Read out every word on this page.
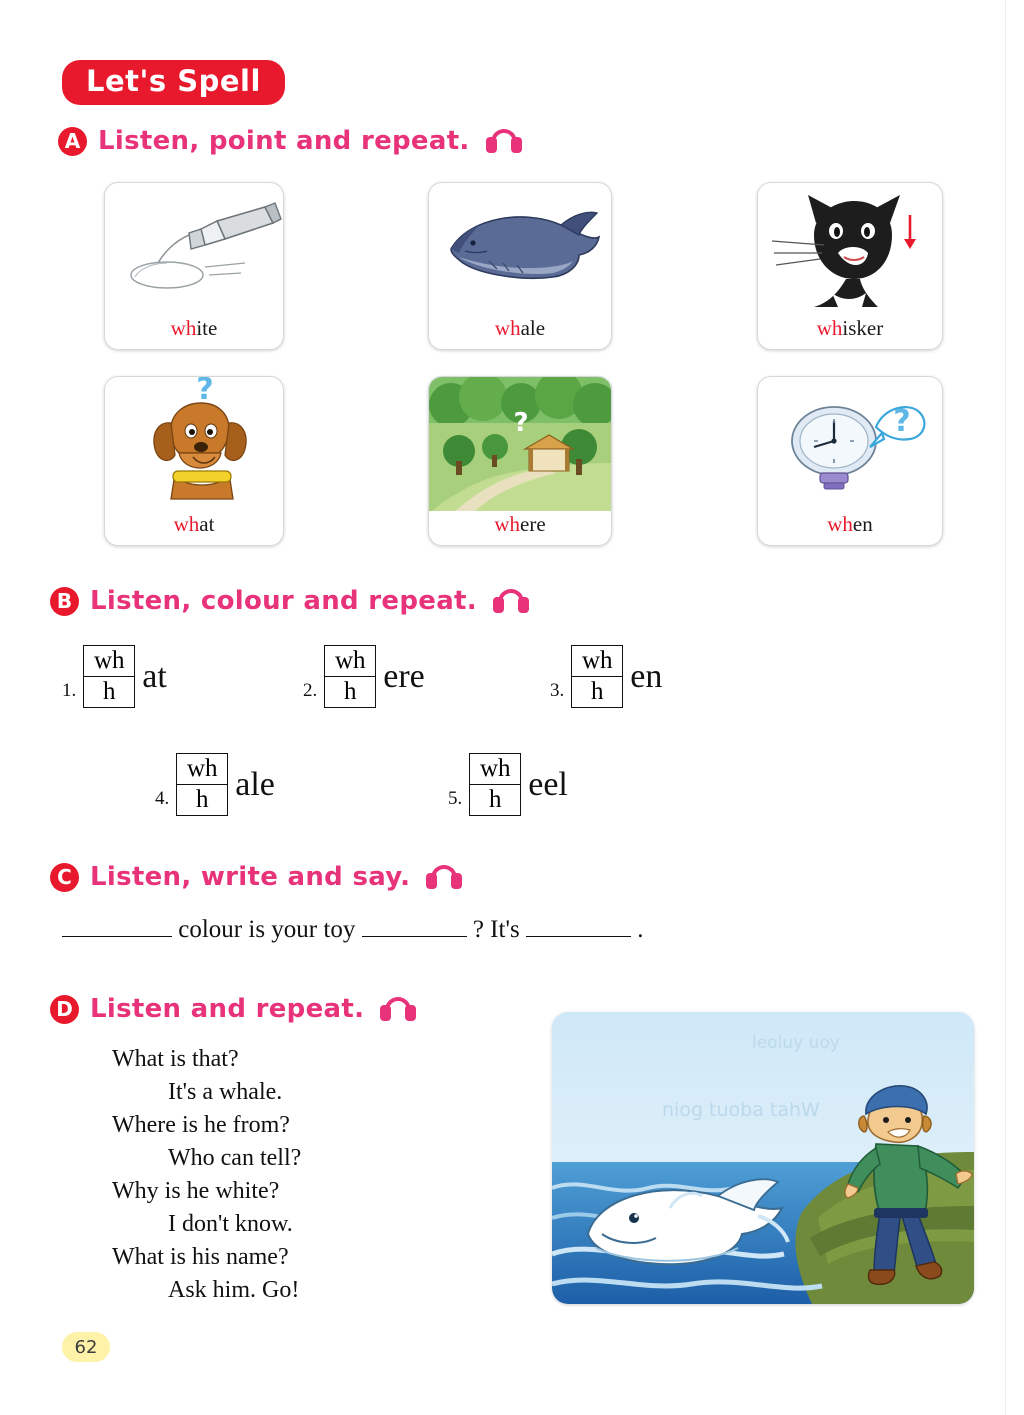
Let's Spell
A Listen, point and repeat.
white	whale	whisker
?
what
?
where
?
when
B Listen, colour and repeat.
1.
wh
h at	2.
wh
h ere	3.
wh
h en
4.
wh
h ale	5.
wh
h eel
C Listen, write and say.
colour is your toy	? It's	.
D Listen and repeat.
What is that?
It's a whale.
Where is he from?
Who can tell?
Why is he white?
I don't know.
What is his name?
Ask him. Go!
leoluy uoy
niog tuoba tahW
62
